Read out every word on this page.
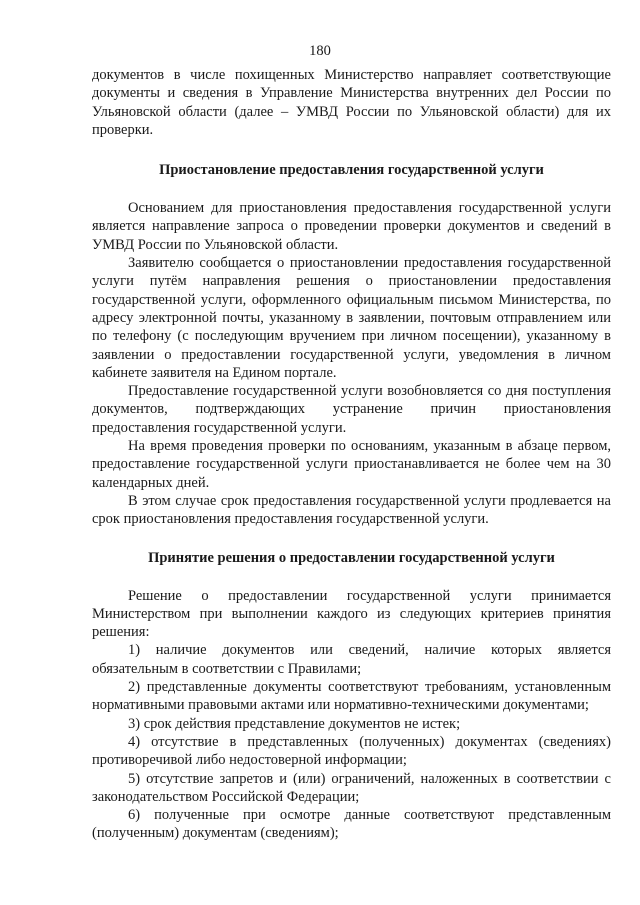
180

документов в числе похищенных Министерство направляет соответствующие документы и сведения в Управление Министерства внутренних дел России по Ульяновской области (далее – УМВД России по Ульяновской области) для их проверки.

Приостановление предоставления государственной услуги

Основанием для приостановления предоставления государственной услуги является направление запроса о проведении проверки документов и сведений в УМВД России по Ульяновской области.

Заявителю сообщается о приостановлении предоставления государственной услуги путём направления решения о приостановлении предоставления государственной услуги, оформленного официальным письмом Министерства, по адресу электронной почты, указанному в заявлении, почтовым отправлением или по телефону (с последующим вручением при личном посещении), указанному в заявлении о предоставлении государственной услуги, уведомления в личном кабинете заявителя на Едином портале.

Предоставление государственной услуги возобновляется со дня поступления документов, подтверждающих устранение причин приостановления предоставления государственной услуги.

На время проведения проверки по основаниям, указанным в абзаце первом, предоставление государственной услуги приостанавливается не более чем на 30 календарных дней.

В этом случае срок предоставления государственной услуги продлевается на срок приостановления предоставления государственной услуги.

Принятие решения о предоставлении государственной услуги

Решение о предоставлении государственной услуги принимается Министерством при выполнении каждого из следующих критериев принятия решения:

1) наличие документов или сведений, наличие которых является обязательным в соответствии с Правилами;

2) представленные документы соответствуют требованиям, установленным нормативными правовыми актами или нормативно-техническими документами;

3) срок действия представление документов не истек;

4) отсутствие в представленных (полученных) документах (сведениях) противоречивой либо недостоверной информации;

5) отсутствие запретов и (или) ограничений, наложенных в соответствии с законодательством Российской Федерации;

6) полученные при осмотре данные соответствуют представленным (полученным) документам (сведениям);
